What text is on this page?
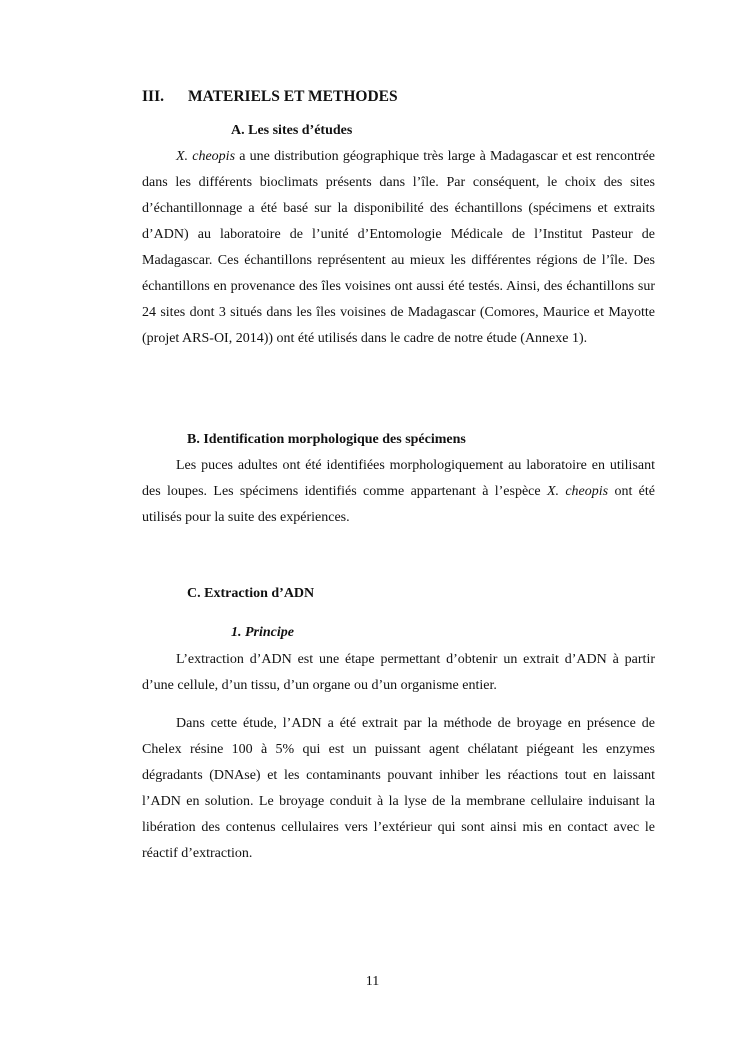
III. MATERIELS ET METHODES
A. Les sites d’études
X. cheopis a une distribution géographique très large à Madagascar et est rencontrée dans les différents bioclimats présents dans l’île. Par conséquent, le choix des sites d’échantillonnage a été basé sur la disponibilité des échantillons (spécimens et extraits d’ADN) au laboratoire de l’unité d’Entomologie Médicale de l’Institut Pasteur de Madagascar. Ces échantillons représentent au mieux les différentes régions de l’île. Des échantillons en provenance des îles voisines ont aussi été testés. Ainsi, des échantillons sur 24 sites dont 3 situés dans les îles voisines de Madagascar (Comores, Maurice et Mayotte (projet ARS-OI, 2014)) ont été utilisés dans le cadre de notre étude (Annexe 1).
B. Identification morphologique des spécimens
Les puces adultes ont été identifiées morphologiquement au laboratoire en utilisant des loupes. Les spécimens identifiés comme appartenant à l’espèce X. cheopis ont été utilisés pour la suite des expériences.
C. Extraction d’ADN
1. Principe
L’extraction d’ADN est une étape permettant d’obtenir un extrait d’ADN à partir d’une cellule, d’un tissu, d’un organe ou d’un organisme entier.
Dans cette étude, l’ADN a été extrait par la méthode de broyage en présence de Chelex résine 100 à 5% qui est un puissant agent chélatant piégeant les enzymes dégradants (DNAse) et les contaminants pouvant inhiber les réactions tout en laissant l’ADN en solution. Le broyage conduit à la lyse de la membrane cellulaire induisant la libération des contenus cellulaires vers l’extérieur qui sont ainsi mis en contact avec le réactif d’extraction.
11
